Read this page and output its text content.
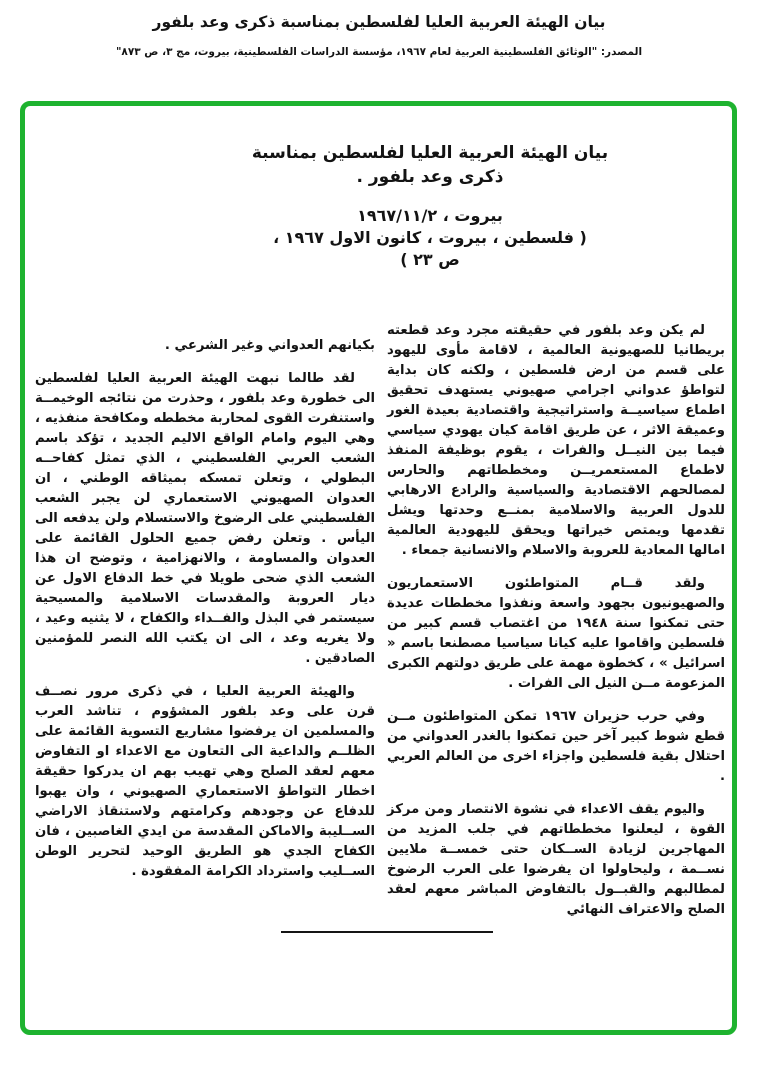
بيان الهيئة العربية العليا لفلسطين بمناسبة ذكرى وعد بلفور
المصدر: "الوثائق الفلسطينية العربية لعام ١٩٦٧، مؤسسة الدراسات الفلسطينية، بيروت، مج ٣، ص ٨٧٣"
بيان الهيئة العربية العليا لفلسطين بمناسبة
ذكرى وعد بلفور .
بيروت ، ١٩٦٧/١١/٢
( فلسطين ، بيروت ، كانون الاول ١٩٦٧ ،
ص ٢٣ )

لم يكن وعد بلفور في حقيقته مجرد وعد قطعته بريطانيا للصهيونية العالمية ، لاقامة مأوى لليهود على قسم من ارض فلسطين ، ولكنه كان بداية لتواطؤ عدواني اجرامي صهيوني يستهدف تحقيق اطماع سياسيــة واستراتيجية واقتصادية بعيدة الغور وعميقة الاثر ، عن طريق اقامة كيان يهودي سياسي فيما بين النيــل والفرات ، يقوم بوظيفة المنفذ لاطماع المستعمريــن ومخططاتهم والحارس لمصالحهم الاقتصادية والسياسية والرادع الارهابي للدول العربية والاسلامية بمنــع وحدتها ويشل تقدمها ويمتص خيراتها ويحقق لليهودية العالمية امالها المعادية للعروبة والاسلام والانسانية جمعاء .

ولقد قــام المتواطئون الاستعماريون والصهيونيون بجهود واسعة ونفذوا مخططات عديدة حتى تمكنوا سنة ١٩٤٨ من اغتصاب قسم كبير من فلسطين واقاموا عليه كيانا سياسيا مصطنعا باسم « اسرائيل » ، كخطوة مهمة على طريق دولتهم الكبرى المزعومة مــن النيل الى الفرات .

وفي حرب حزيران ١٩٦٧ تمكن المتواطئون مــن قطع شوط كبير آخر حين تمكنوا بالغدر العدواني من احتلال بقية فلسطين واجزاء اخرى من العالم العربي .

واليوم يقف الاعداء في نشوة الانتصار ومن مركز القوة ، ليعلنوا مخططاتهم في جلب المزيد من المهاجرين لزيادة الســكان حتى خمســة ملايين نســمة ، وليحاولوا ان يفرضوا على العرب الرضوخ لمطالبهم والقبــول بالتفاوض المباشر معهم لعقد الصلح والاعتراف النهائي

بكيانهم العدواني وغير الشرعي .

لقد طالما نبهت الهيئة العربية العليا لفلسطين الى خطورة وعد بلفور ، وحذرت من نتائجه الوخيمــة واستنفرت القوى لمحاربة مخططه ومكافحة منفذيه ، وهي اليوم وامام الواقع الاليم الجديد ، تؤكد باسم الشعب العربي الفلسطيني ، الذي تمثل كفاحــه البطولي ، وتعلن تمسكه بميثاقه الوطني ، ان العدوان الصهيوني الاستعماري لن يجبر الشعب الفلسطيني على الرضوخ والاستسلام ولن يدفعه الى اليأس . وتعلن رفض جميع الحلول القائمة على العدوان والمساومة ، والانهزامية ، وتوضح ان هذا الشعب الذي ضحى طويلا في خط الدفاع الاول عن ديار العروبة والمقدسات الاسلامية والمسيحية سيستمر في البذل والفــداء والكفاح ، لا يثنيه وعيد ، ولا يغريه وعد ، الى ان يكتب الله النصر للمؤمنين الصادقين .

والهيئة العربية العليا ، في ذكرى مرور نصــف قرن على وعد بلفور المشؤوم ، تناشد العرب والمسلمين ان يرفضوا مشاريع التسوية القائمة على الظلــم والداعية الى التعاون مع الاعداء او التفاوض معهم لعقد الصلح وهي تهيب بهم ان يدركوا حقيقة اخطار التواطؤ الاستعماري الصهيوني ، وان يهبوا للدفاع عن وجودهم وكرامتهم ولاستنقاذ الاراضي الســليبة والاماكن المقدسة من ايدي الغاصبين ، فان الكفاح الجدي هو الطريق الوحيد لتحرير الوطن الســليب واسترداد الكرامة المفقودة .
